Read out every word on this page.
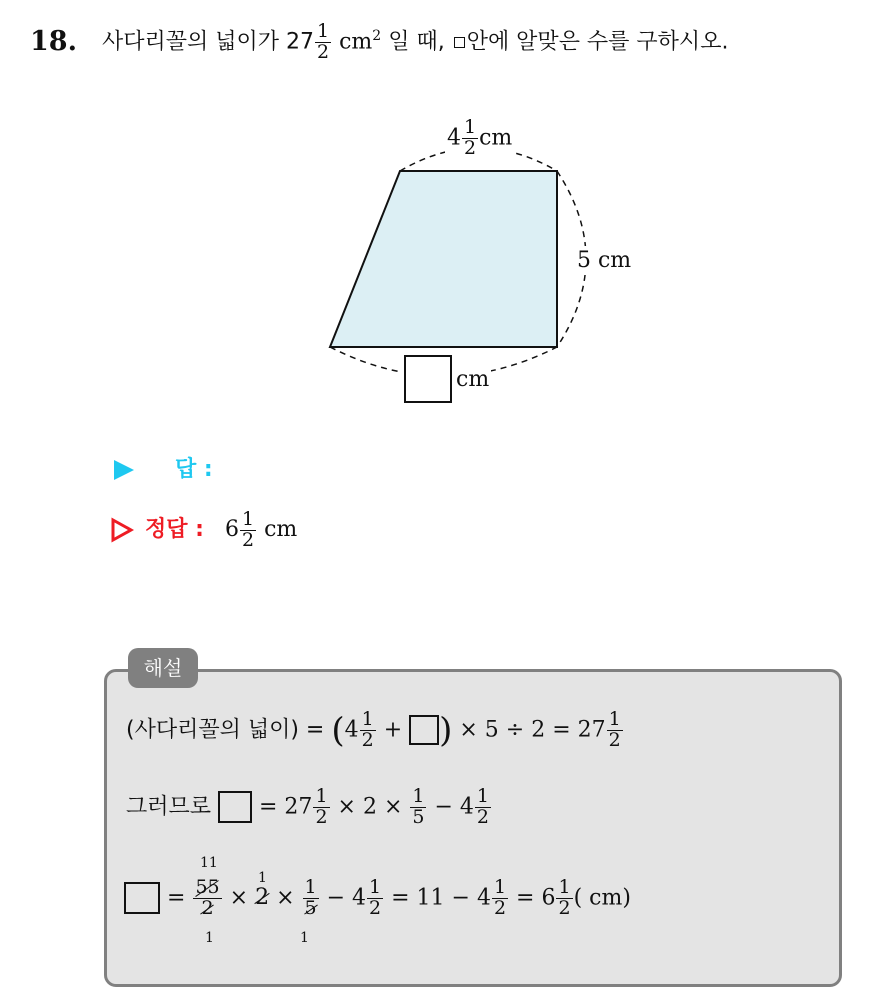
18. 사다리꼴의 넓이가 $27 \frac{1}{2} cm^2$ 일 때, 안에 알맞은 수를 구하시오.
$4 \frac{1}{2}$ cm
5 cm
cm
답 :
정답 : $6 \frac{1}{2}$ cm
해설
(사다리꼴의 넓이) = ($4 \frac{1}{2}$ + ) × $5 \div 2 = 27 \frac{1}{2}$
그러므로  = $27 \frac{1}{2} \times 2 \times \frac{1}{5} - 4 \frac{1}{2}$
= $\frac{55}{2} \times 2 \times \frac{1}{5} - 4 \frac{1}{2} = 11 - 4 \frac{1}{2} = 6 \frac{1}{2}$ ( cm)
11
1
1
1
